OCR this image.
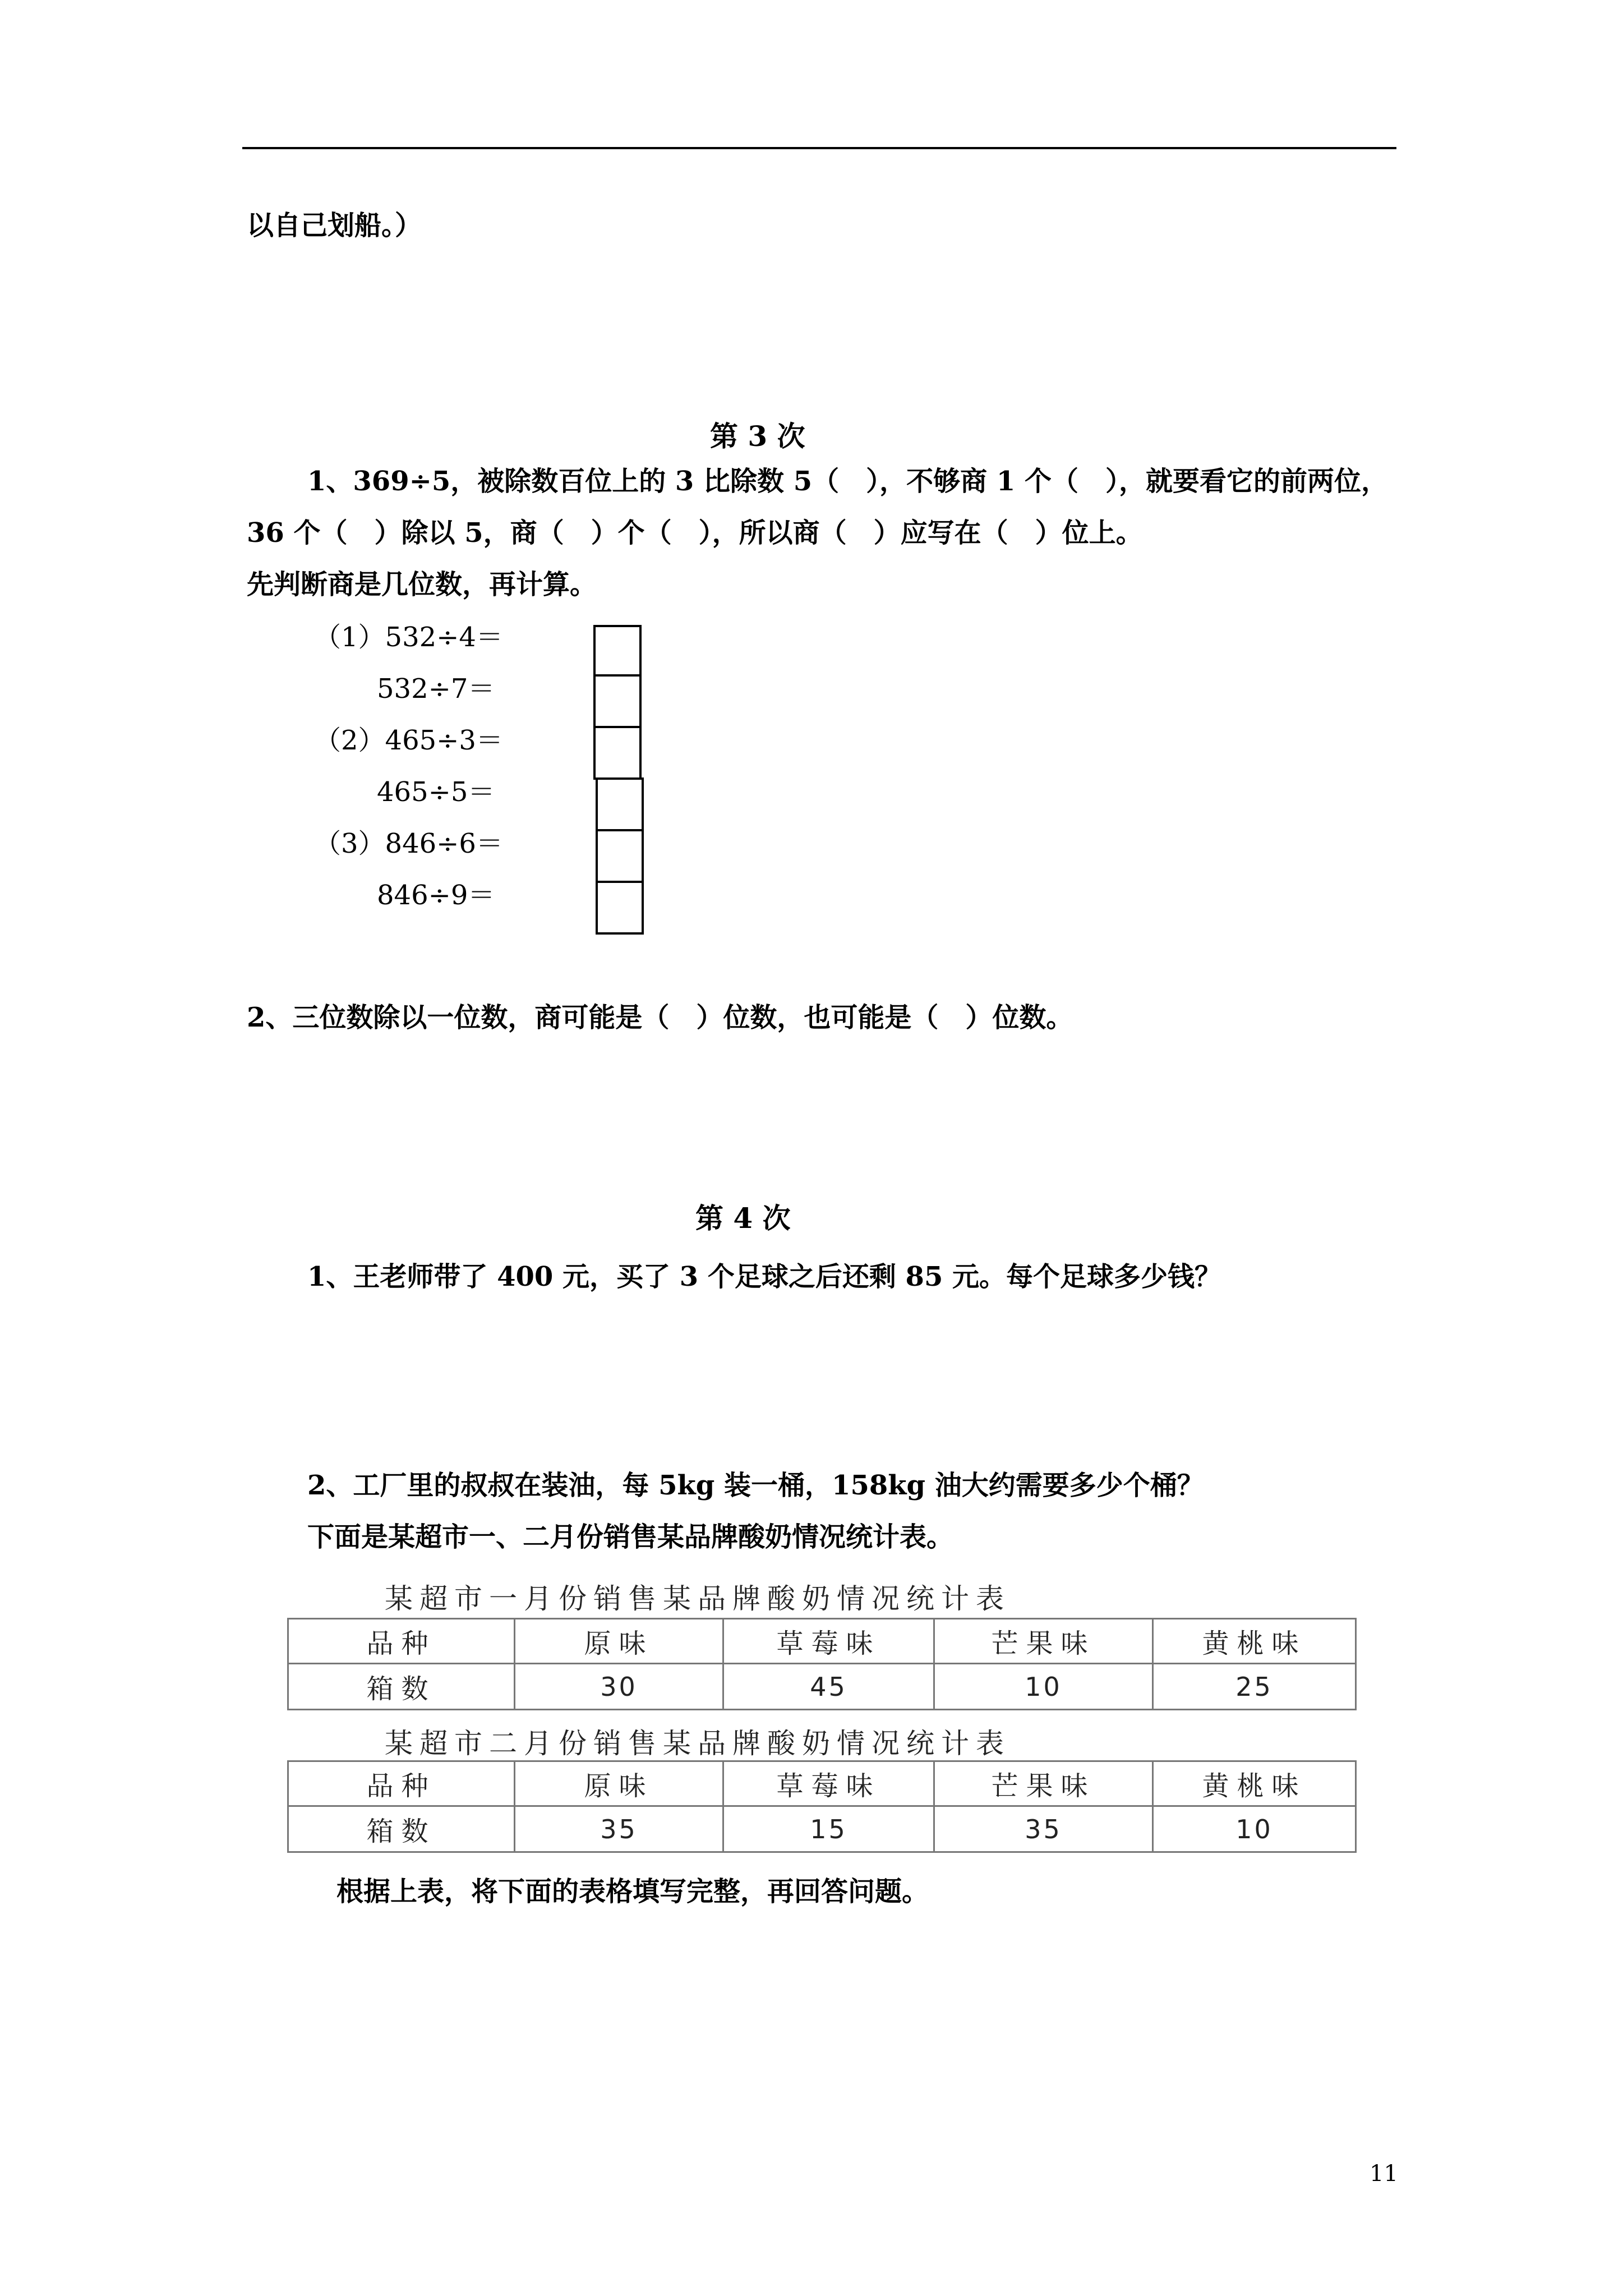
以自己划船。）
第 3 次
1、369÷5，被除数百位上的 3 比除数 5（　），不够商 1 个（　），就要看它的前两位，
36 个（　）除以 5，商（　）个（　），所以商（　）应写在（　）位上。
先判断商是几位数，再计算。
（1）532÷4＝
532÷7＝
（2）465÷3＝
465÷5＝
（3）846÷6＝
846÷9＝
2、三位数除以一位数，商可能是（　）位数，也可能是（　）位数。
第 4 次
1、王老师带了 400 元，买了 3 个足球之后还剩 85 元。每个足球多少钱？
2、工厂里的叔叔在装油，每 5kg 装一桶，158kg 油大约需要多少个桶？
下面是某超市一、二月份销售某品牌酸奶情况统计表。
某超市一月份销售某品牌酸奶情况统计表
品种	原味	草莓味	芒果味	黄桃味
箱数	30	45	10	25
某超市二月份销售某品牌酸奶情况统计表
品种	原味	草莓味	芒果味	黄桃味
箱数	35	15	35	10
根据上表，将下面的表格填写完整，再回答问题。
11
